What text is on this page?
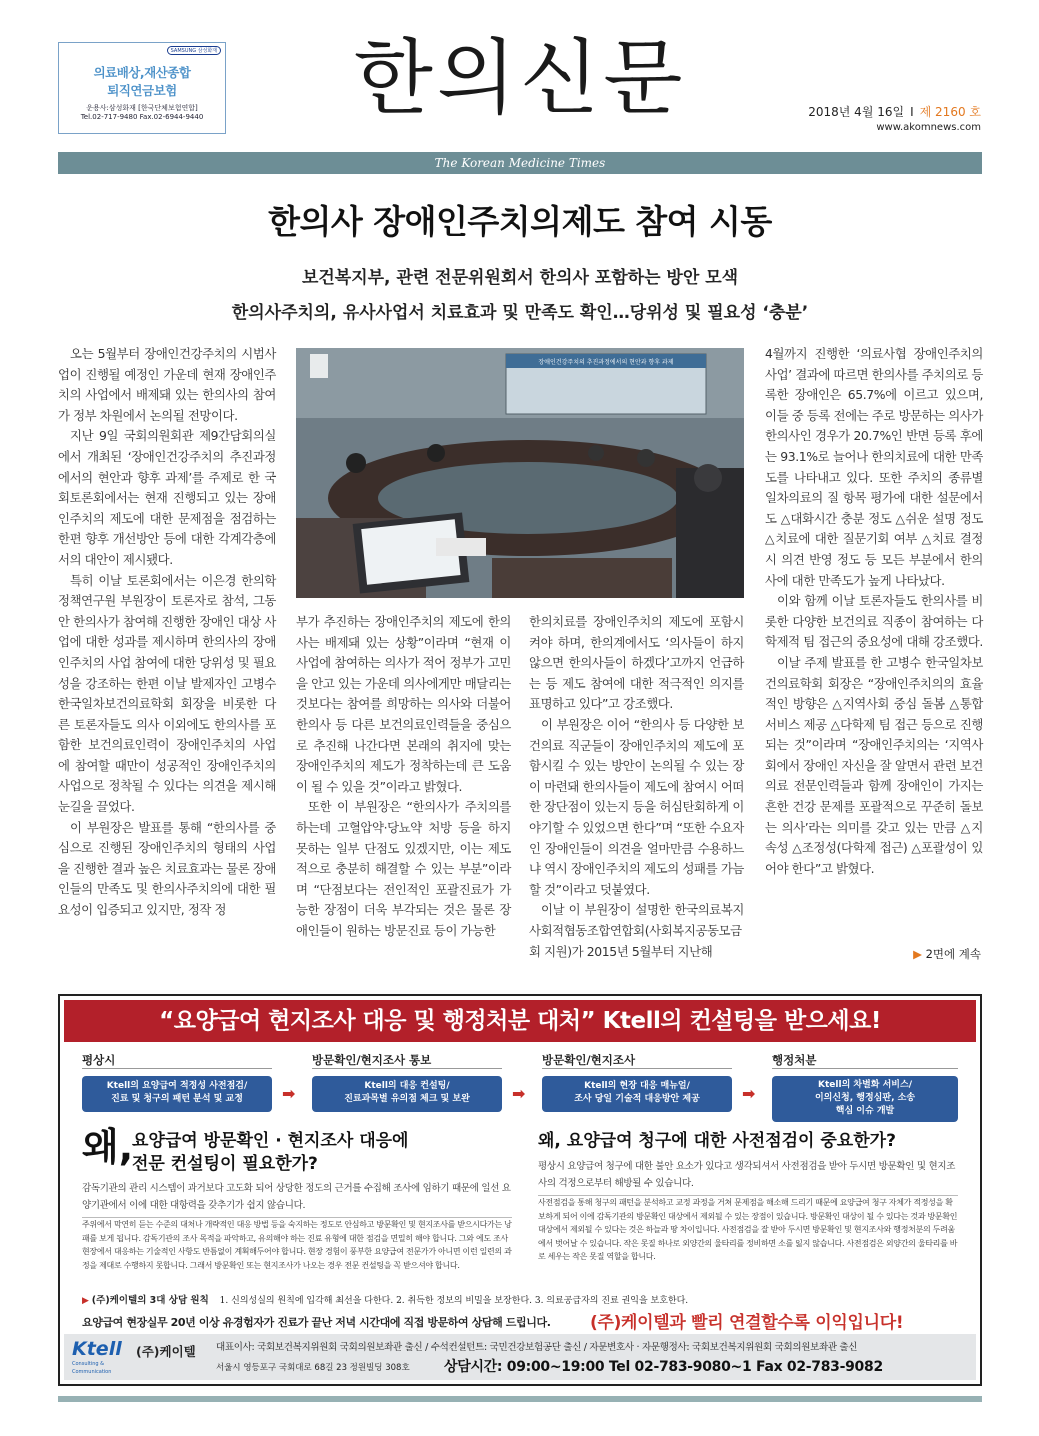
SAMSUNG 삼성화재
의료배상,재산종합
퇴직연금보험
운용사:삼성화재 [한국단체보험연합]
Tel.02-717-9480 Fax.02-6944-9440 한의신문	2018년 4월 16일 I 제 2160 호
www.akomnews.com
The Korean Medicine Times
한의사 장애인주치의제도 참여 시동
보건복지부, 관련 전문위원회서 한의사 포함하는 방안 모색
한의사주치의, 유사사업서 치료효과 및 만족도 확인…당위성 및 필요성 ‘충분’

오는 5월부터 장애인건강주치의 시범사업이 진행될 예정인 가운데 현재 장애인주치의 사업에서 배제돼 있는 한의사의 참여가 정부 차원에서 논의될 전망이다.

지난 9일 국회의원회관 제9간담회의실에서 개최된 ‘장애인건강주치의 추진과정에서의 현안과 향후 과제’를 주제로 한 국회토론회에서는 현재 진행되고 있는 장애인주치의 제도에 대한 문제점을 점검하는 한편 향후 개선방안 등에 대한 각계각층에서의 대안이 제시됐다.

특히 이날 토론회에서는 이은경 한의학정책연구원 부원장이 토론자로 참석, 그동안 한의사가 참여해 진행한 장애인 대상 사업에 대한 성과를 제시하며 한의사의 장애인주치의 사업 참여에 대한 당위성 및 필요성을 강조하는 한편 이날 발제자인 고병수 한국일차보건의료학회 회장을 비롯한 다른 토론자들도 의사 이외에도 한의사를 포함한 보건의료인력이 장애인주치의 사업에 참여할 때만이 성공적인 장애인주치의 사업으로 정착될 수 있다는 의견을 제시해 눈길을 끌었다.

이 부원장은 발표를 통해 “한의사를 중심으로 진행된 장애인주치의 형태의 사업을 진행한 결과 높은 치료효과는 물론 장애인들의 만족도 및 한의사주치의에 대한 필요성이 입증되고 있지만, 정작 정

장애인건강주치의 추진과정에서의 현안과 향후 과제

부가 추진하는 장애인주치의 제도에 한의사는 배제돼 있는 상황”이라며 “현재 이 사업에 참여하는 의사가 적어 정부가 고민을 안고 있는 가운데 의사에게만 매달리는 것보다는 참여를 희망하는 의사와 더불어 한의사 등 다른 보건의료인력들을 중심으로 추진해 나간다면 본래의 취지에 맞는 장애인주치의 제도가 정착하는데 큰 도움이 될 수 있을 것”이라고 밝혔다.

또한 이 부원장은 “한의사가 주치의를 하는데 고혈압약·당뇨약 처방 등을 하지 못하는 일부 단점도 있겠지만, 이는 제도적으로 충분히 해결할 수 있는 부분”이라며 “단점보다는 전인적인 포괄진료가 가능한 장점이 더욱 부각되는 것은 물론 장애인들이 원하는 방문진료 등이 가능한

한의치료를 장애인주치의 제도에 포함시켜야 하며, 한의계에서도 ‘의사들이 하지 않으면 한의사들이 하겠다’고까지 언급하는 등 제도 참여에 대한 적극적인 의지를 표명하고 있다”고 강조했다.

이 부원장은 이어 “한의사 등 다양한 보건의료 직군들이 장애인주치의 제도에 포함시킬 수 있는 방안이 논의될 수 있는 장이 마련돼 한의사들이 제도에 참여시 어떠한 장단점이 있는지 등을 허심탄회하게 이야기할 수 있었으면 한다”며 “또한 수요자인 장애인들이 의견을 얼마만큼 수용하느냐 역시 장애인주치의 제도의 성패를 가늠할 것”이라고 덧붙였다.

이날 이 부원장이 설명한 한국의료복지사회적협동조합연합회(사회복지공동모금회 지원)가 2015년 5월부터 지난해

4월까지 진행한 ‘의료사협 장애인주치의 사업’ 결과에 따르면 한의사를 주치의로 등록한 장애인은 65.7%에 이르고 있으며, 이들 중 등록 전에는 주로 방문하는 의사가 한의사인 경우가 20.7%인 반면 등록 후에는 93.1%로 늘어나 한의치료에 대한 만족도를 나타내고 있다. 또한 주치의 종류별 일차의료의 질 항목 평가에 대한 설문에서도 △대화시간 충분 정도 △쉬운 설명 정도 △치료에 대한 질문기회 여부 △치료 결정시 의견 반영 정도 등 모든 부분에서 한의사에 대한 만족도가 높게 나타났다.

이와 함께 이날 토론자들도 한의사를 비롯한 다양한 보건의료 직종이 참여하는 다학제적 팀 접근의 중요성에 대해 강조했다.

이날 주제 발표를 한 고병수 한국일차보건의료학회 회장은 “장애인주치의의 효율적인 방향은 △지역사회 중심 돌봄 △통합서비스 제공 △다학제 팀 접근 등으로 진행되는 것”이라며 “장애인주치의는 ‘지역사회에서 장애인 자신을 잘 알면서 관련 보건의료 전문인력들과 함께 장애인이 가지는 흔한 건강 문제를 포괄적으로 꾸준히 돌보는 의사’라는 의미를 갖고 있는 만큼 △지속성 △조정성(다학제 접근) △포괄성이 있어야 한다”고 밝혔다.

▶ 2면에 계속
“요양급여 현지조사 대응 및 행정처분 대처” Ktell의 컨설팅을 받으세요!
평상시
Ktell의 요양급여 적정성 사전점검/
진료 및 청구의 패턴 분석 및 교정	➡
방문확인/현지조사 통보
Ktell의 대응 컨설팅/
진료과목별 유의점 체크 및 보완	➡
방문확인/현지조사
Ktell의 현장 대응 매뉴얼/
조사 당일 기술적 대응방안 제공	➡
행정처분
Ktell의 차별화 서비스/
이의신청, 행정심판, 소송
핵심 이슈 개발
왜,
요양급여 방문확인 · 현지조사 대응에
전문 컨설팅이 필요한가?
왜, 요양급여 청구에 대한 사전점검이 중요한가?
감독기관의 관리 시스템이 과거보다 고도화 되어 상당한 정도의 근거를 수집해 조사에 임하기 때문에 일선 요양기관에서 이에 대한 대항력을 갖추기가 쉽지 않습니다.
주위에서 막연히 듣는 수준의 대처나 개략적인 대응 방법 등을 숙지하는 정도로 안심하고 방문확인 및 현지조사를 받으시다가는 낭패를 보게 됩니다. 감독기관의 조사 목적을 파악하고, 유의해야 하는 진료 유형에 대한 점검을 면밀히 해야 합니다. 그와 에도 조사 현장에서 대응하는 기술적인 사항도 반틈없이 계획해두어야 합니다. 현장 경험이 풍부한 요양급여 전문가가 아니면 이런 일련의 과정을 제대로 수행하지 못합니다. 그래서 방문확인 또는 현지조사가 나오는 경우 전문 컨설팅을 꼭 받으셔야 합니다.
평상시 요양급여 청구에 대한 불안 요소가 있다고 생각되셔서 사전점검을 받아 두시면 방문확인 및 현지조사의 걱정으로부터 해방될 수 있습니다.
사전점검을 통해 청구의 패턴을 분석하고 교정 과정을 거쳐 문제점을 해소해 드리기 때문에 요양급여 청구 자체가 적정성을 확보하게 되어 이에 감독기관의 방문확인 대상에서 제외될 수 있는 장점이 있습니다. 방문확인 대상이 될 수 있다는 것과 방문확인 대상에서 제외될 수 있다는 것은 하늘과 땅 차이입니다. 사전점검을 잘 받아 두시면 방문확인 및 현지조사와 행정처분의 두려움에서 벗어날 수 있습니다. 작은 못질 하나로 외양간의 울타리를 정비하면 소를 잃지 않습니다. 사전점검은 외양간의 울타리를 바로 세우는 작은 못질 역할을 합니다.
▶ (주)케이텔의 3대 상담 원칙 1. 신의성실의 원칙에 입각해 최선을 다한다. 2. 취득한 정보의 비밀을 보장한다. 3. 의료공급자의 진료 권익을 보호한다.
요양급여 현장실무 20년 이상 유경험자가 진료가 끝난 저녁 시간대에 직접 방문하여 상담해 드립니다. (주)케이텔과 빨리 연결할수록 이익입니다!
Ktell
Consulting & Communication
(주)케이텔 대표이사: 국회보건복지위원회 국회의원보좌관 출신 / 수석컨설턴트: 국민건강보험공단 출신 / 자문변호사 · 자문행정사: 국회보건복지위원회 국회의원보좌관 출신
서울시 영등포구 국회대로 68길 23 정원빌딩 308호 상담시간: 09:00~19:00 Tel 02-783-9080~1 Fax 02-783-9082
